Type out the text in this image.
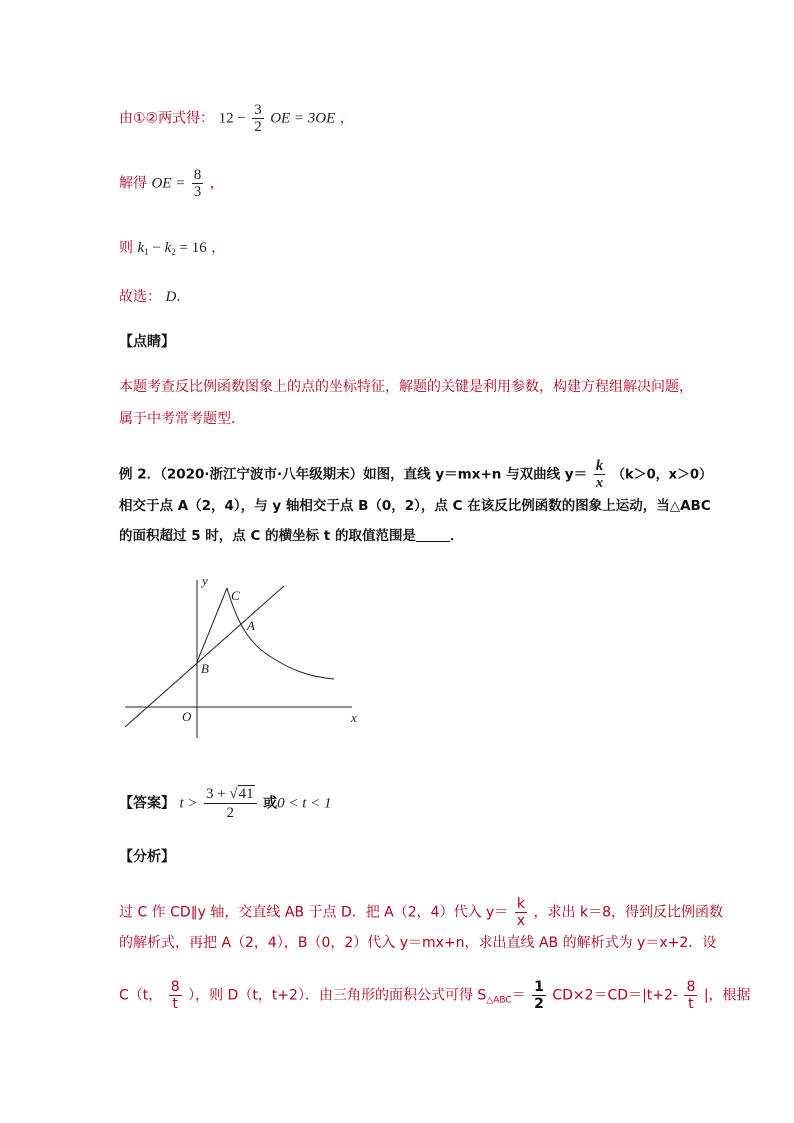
由①②两式得： $12 - \frac{3}{2}$ OE = 3OE ，
解得 OE = $\frac{8}{3}$ ，
则 $k_1 - k_2 = 16$ ，
故选： D.
【点睛】
本题考查反比例函数图象上的点的坐标特征，解题的关键是利用参数，构建方程组解决问题，
属于中考常考题型．
例 2．（2020·浙江宁波市·八年级期末）如图，直线 y＝mx+n 与双曲线 $y= \frac{k}{x} (k>0$，x＞0）
相交于点 A（2，4），与 y 轴相交于点 B（0，2），点 C 在该反比例函数的图象上运动，当△ABC
的面积超过 5 时，点 C 的横坐标 t 的取值范围是	．
y
x
O
A
B
C
【答案】 $t > \frac{3 + √41}{2}$ 或0 < t < 1
【分析】
过 C 作 CD∥y 轴，交直线 AB 于点 D．把 A（2，4）代入 $y= \frac{k}{x}$ ，求出 k＝8，得到反比例函数
的解析式，再把 A（2，4），B（0，2）代入 y＝mx+n，求出直线 AB 的解析式为 y＝x+2．设
C（t， $\frac{8}{t}$ ），则 D（t，t+2）．由三角形的面积公式可得 $S_{\triangle ABC}= \frac{1}{2} CD\times 2=CD=|t+2- \frac{8}{t}$ |，根据
